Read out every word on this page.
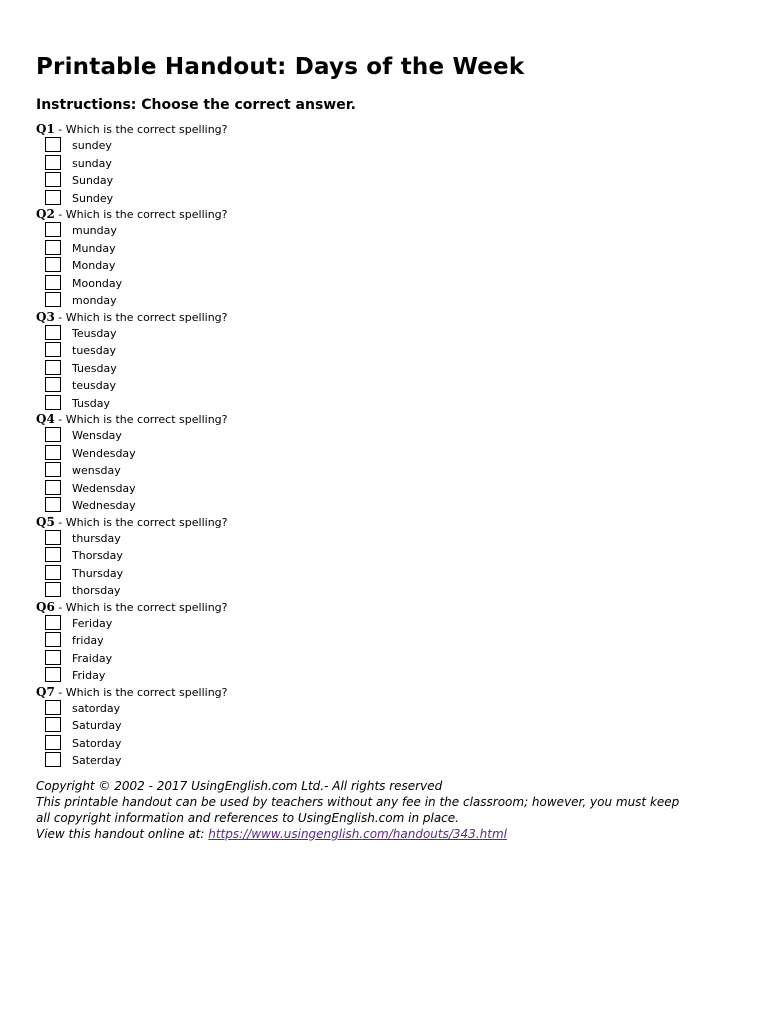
Printable Handout: Days of the Week
Instructions: Choose the correct answer.
Q1 - Which is the correct spelling?
sundey
sunday
Sunday
Sundey
Q2 - Which is the correct spelling?
munday
Munday
Monday
Moonday
monday
Q3 - Which is the correct spelling?
Teusday
tuesday
Tuesday
teusday
Tusday
Q4 - Which is the correct spelling?
Wensday
Wendesday
wensday
Wedensday
Wednesday
Q5 - Which is the correct spelling?
thursday
Thorsday
Thursday
thorsday
Q6 - Which is the correct spelling?
Feriday
friday
Fraiday
Friday
Q7 - Which is the correct spelling?
satorday
Saturday
Satorday
Saterday
Copyright © 2002 - 2017 UsingEnglish.com Ltd.- All rights reserved
This printable handout can be used by teachers without any fee in the classroom; however, you must keep
all copyright information and references to UsingEnglish.com in place.
View this handout online at: https://www.usingenglish.com/handouts/343.html
